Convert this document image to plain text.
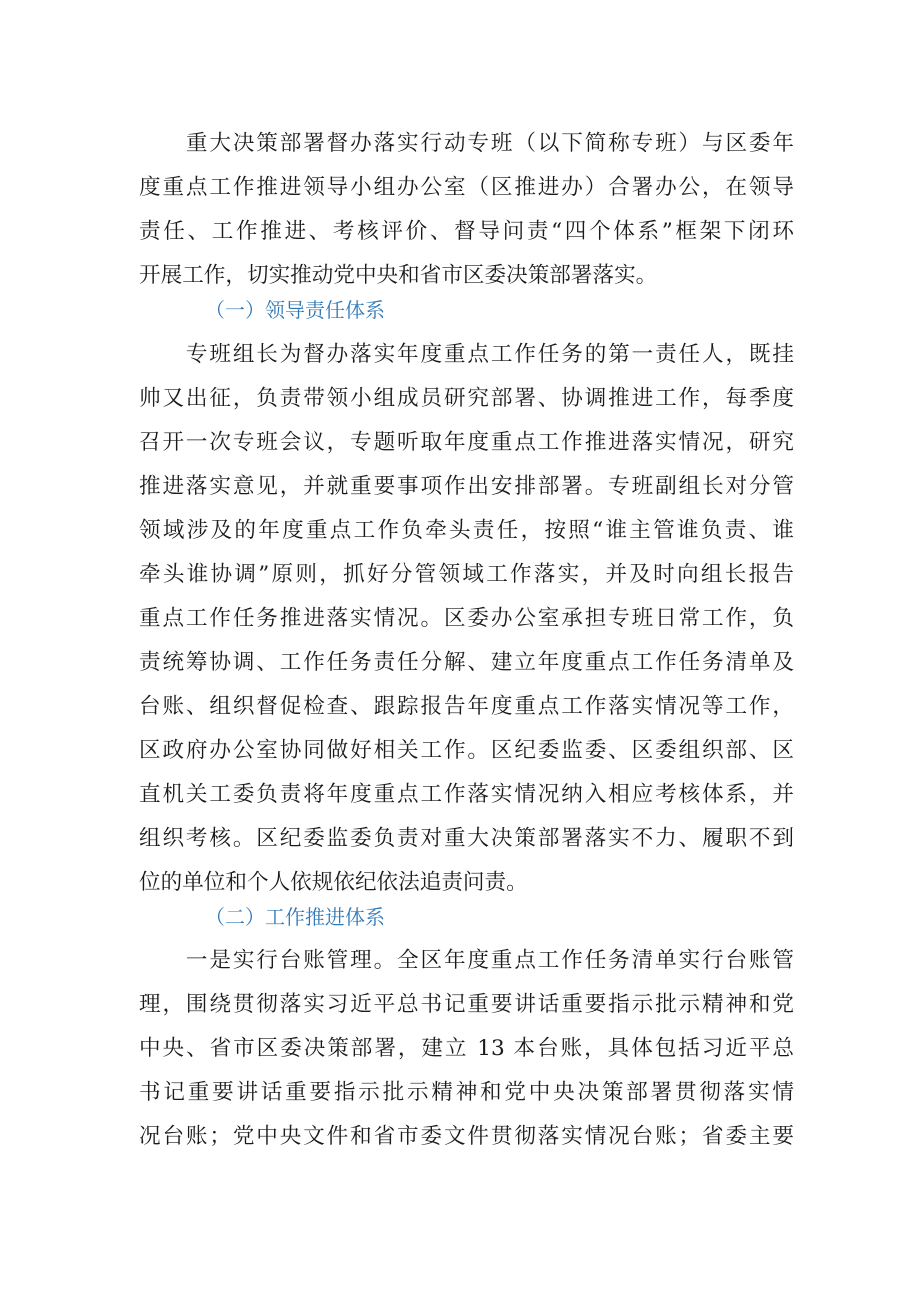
　　重大决策部署督办落实行动专班（以下简称专班）与区委年
度重点工作推进领导小组办公室（区推进办）合署办公，在领导
责任、工作推进、考核评价、督导问责“四个体系”框架下闭环
开展工作，切实推动党中央和省市区委决策部署落实。
（一）领导责任体系
　　专班组长为督办落实年度重点工作任务的第一责任人，既挂
帅又出征，负责带领小组成员研究部署、协调推进工作，每季度
召开一次专班会议，专题听取年度重点工作推进落实情况，研究
推进落实意见，并就重要事项作出安排部署。专班副组长对分管
领域涉及的年度重点工作负牵头责任，按照“谁主管谁负责、谁
牵头谁协调”原则，抓好分管领域工作落实，并及时向组长报告
重点工作任务推进落实情况。区委办公室承担专班日常工作，负
责统筹协调、工作任务责任分解、建立年度重点工作任务清单及
台账、组织督促检查、跟踪报告年度重点工作落实情况等工作，
区政府办公室协同做好相关工作。区纪委监委、区委组织部、区
直机关工委负责将年度重点工作落实情况纳入相应考核体系，并
组织考核。区纪委监委负责对重大决策部署落实不力、履职不到
位的单位和个人依规依纪依法追责问责。
（二）工作推进体系
　　一是实行台账管理。全区年度重点工作任务清单实行台账管
理，围绕贯彻落实习近平总书记重要讲话重要指示批示精神和党
中央、省市区委决策部署，建立 13 本台账，具体包括习近平总
书记重要讲话重要指示批示精神和党中央决策部署贯彻落实情
况台账；党中央文件和省市委文件贯彻落实情况台账；省委主要
